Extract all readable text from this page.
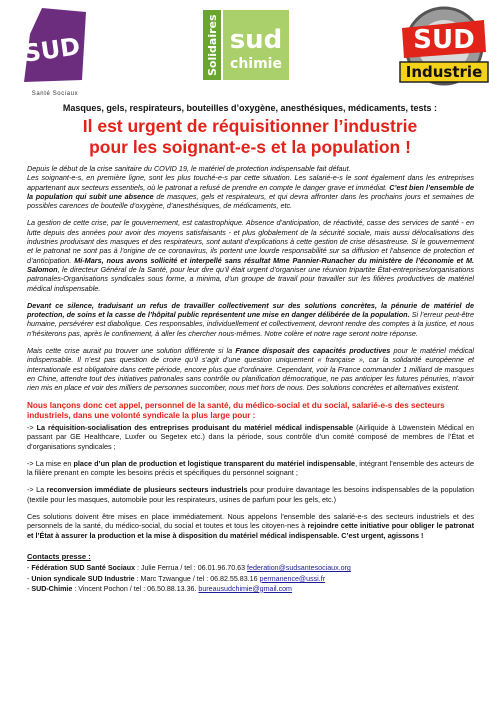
SUD
Santé Sociaux
Solidaires sud
chimie
SUD
Industrie
Masques, gels, respirateurs, bouteilles d’oxygène, anesthésiques, médicaments, tests :
Il est urgent de réquisitionner l’industrie
pour les soignant-e-s et la population !

Depuis le début de la crise sanitaire du COVID 19, le matériel de protection indispensable fait défaut.
Les soignant-e-s, en première ligne, sont les plus touché-e-s par cette situation. Les salarié-e-s le sont également dans les entreprises appartenant aux secteurs essentiels, où le patronat a refusé de prendre en compte le danger grave et immédiat. C’est bien l’ensemble de la population qui subit une absence de masques, gels et respirateurs, et qui devra affronter dans les prochains jours et semaines de possibles carences de bouteille d’oxygène, d’anesthésiques, de médicaments, etc.

La gestion de cette crise, par le gouvernement, est catastrophique. Absence d’anticipation, de réactivité, casse des services de santé - en lutte depuis des années pour avoir des moyens satisfaisants - et plus globalement de la sécurité sociale, mais aussi délocalisations des industries produisant des masques et des respirateurs, sont autant d’explications à cette gestion de crise désastreuse. Si le gouvernement et le patronat ne sont pas à l’origine de ce coronavirus, ils portent une lourde responsabilité sur sa diffusion et l’absence de protection et d’anticipation. Mi-Mars, nous avons sollicité et interpellé sans résultat Mme Pannier-Runacher du ministère de l’économie et M. Salomon, le directeur Général de la Santé, pour leur dire qu’il était urgent d’organiser une réunion tripartite État-entreprises/organisations patronales-Organisations syndicales sous forme, a minima, d’un groupe de travail pour travailler sur les filières productives de matériel médical indispensable.

Devant ce silence, traduisant un refus de travailler collectivement sur des solutions concrètes, la pénurie de matériel de protection, de soins et la casse de l’hôpital public représentent une mise en danger délibérée de la population. Si l’erreur peut-être humaine, persévérer est diabolique. Ces responsables, individuellement et collectivement, devront rendre des comptes à la justice, et nous n’hésiterons pas, après le confinement, à aller les chercher nous-mêmes. Notre colère et notre rage seront notre réponse.

Mais cette crise aurait pu trouver une solution différente si la France disposait des capacités productives pour le matériel médical indispensable. Il n’est pas question de croire qu’il s’agit d’une question uniquement « française », car la solidarité européenne et internationale est obligatoire dans cette période, encore plus que d’ordinaire. Cependant, voir la France commander 1 milliard de masques en Chine, attendre tout des initiatives patronales sans contrôle ou planification démocratique, ne pas anticiper les futures pénuries, n’avoir rien mis en place et voir des milliers de personnes succomber, nous met hors de nous. Des solutions concrètes et alternatives existent.

Nous lançons donc cet appel, personnel de la santé, du médico-social et du social, salarié-e-s des secteurs industriels, dans une volonté syndicale la plus large pour :

-> La réquisition-socialisation des entreprises produisant du matériel médical indispensable (Airliquide à Löwenstein Médical en passant par GE Healthcare, Luxfer ou Segetex etc.) dans la période, sous contrôle d’un comité composé de membres de l’État et d’organisations syndicales ;

-> La mise en place d’un plan de production et logistique transparent du matériel indispensable, intégrant l’ensemble des acteurs de la filière prenant en compte les besoins précis et spécifiques du personnel soignant ;

-> La reconversion immédiate de plusieurs secteurs industriels pour produire davantage les besoins indispensables de la population (textile pour les masques, automobile pour les respirateurs, usines de parfum pour les gels, etc.)

Ces solutions doivent être mises en place immédiatement. Nous appelons l’ensemble des salarié-e-s des secteurs industriels et des personnels de la santé, du médico-social, du social et toutes et tous les citoyen-nes à rejoindre cette initiative pour obliger le patronat et l’État à assurer la production et la mise à disposition du matériel médical indispensable. C’est urgent, agissons !

Contacts presse :
- Fédération SUD Santé Sociaux : Julie Ferrua / tel : 06.01.96.70.63 federation@sudsantesociaux.org
- Union syndicale SUD Industrie : Marc Tzwangue / tel : 06.82.55.83.16 permanence@ussi.fr
- SUD-Chimie : Vincent Pochon / tel : 06.50.88.13.36. bureausudchimie@gmail.com
